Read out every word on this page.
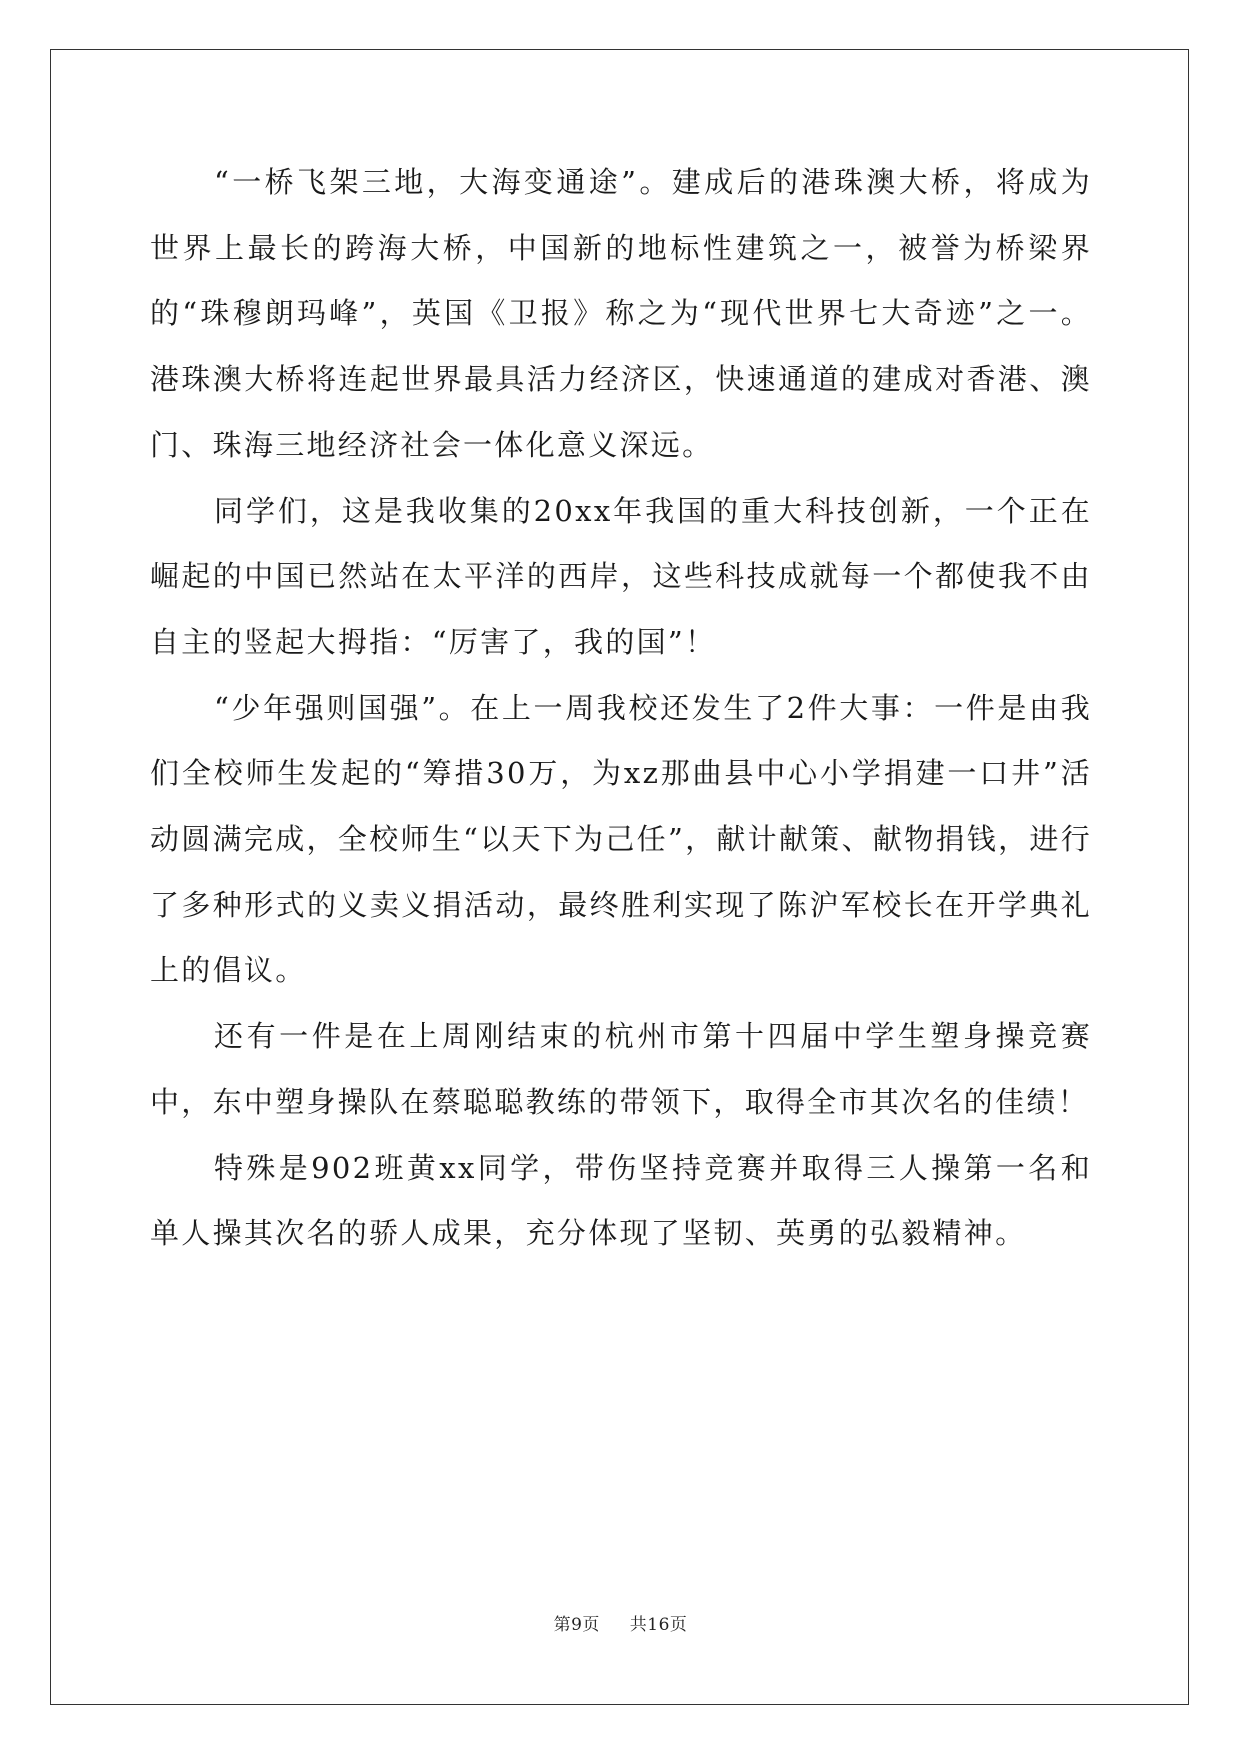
“一桥飞架三地，大海变通途”。建成后的港珠澳大桥，将成为世界上最长的跨海大桥，中国新的地标性建筑之一，被誉为桥梁界的“珠穆朗玛峰”，英国《卫报》称之为“现代世界七大奇迹”之一。港珠澳大桥将连起世界最具活力经济区，快速通道的建成对香港、澳门、珠海三地经济社会一体化意义深远。

同学们，这是我收集的20xx年我国的重大科技创新，一个正在崛起的中国已然站在太平洋的西岸，这些科技成就每一个都使我不由自主的竖起大拇指：“厉害了，我的国”！

“少年强则国强”。在上一周我校还发生了2件大事：一件是由我们全校师生发起的“筹措30万，为xz那曲县中心小学捐建一口井”活动圆满完成，全校师生“以天下为己任”，献计献策、献物捐钱，进行了多种形式的义卖义捐活动，最终胜利实现了陈沪军校长在开学典礼上的倡议。

还有一件是在上周刚结束的杭州市第十四届中学生塑身操竞赛中，东中塑身操队在蔡聪聪教练的带领下，取得全市其次名的佳绩！

特殊是902班黄xx同学，带伤坚持竞赛并取得三人操第一名和单人操其次名的骄人成果，充分体现了坚韧、英勇的弘毅精神。

第9页 共16页
